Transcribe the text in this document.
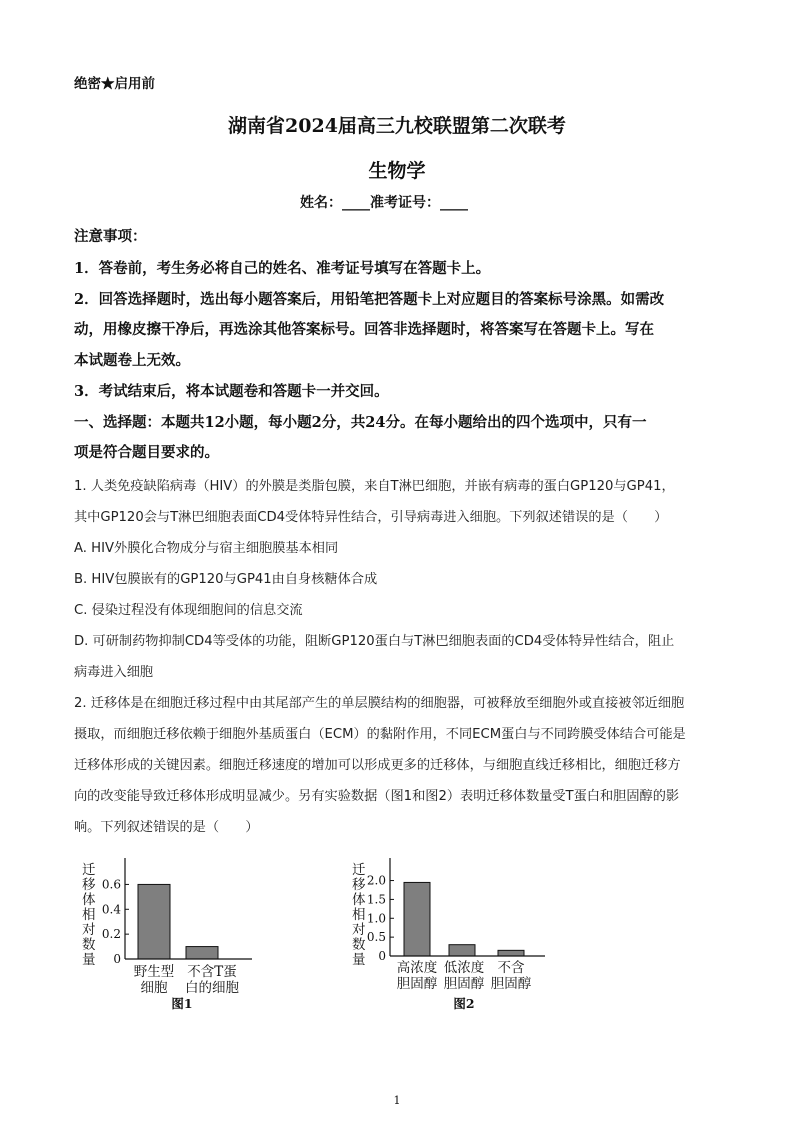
绝密★启用前
湖南省2024届高三九校联盟第二次联考
生物学
姓名：____准考证号：____
注意事项：
1．答卷前，考生务必将自己的姓名、准考证号填写在答题卡上。
2．回答选择题时，选出每小题答案后，用铅笔把答题卡上对应题目的答案标号涂黑。如需改
动，用橡皮擦干净后，再选涂其他答案标号。回答非选择题时，将答案写在答题卡上。写在
本试题卷上无效。
3．考试结束后，将本试题卷和答题卡一并交回。
一、选择题：本题共12小题，每小题2分，共24分。在每小题给出的四个选项中，只有一
项是符合题目要求的。
1. 人类免疫缺陷病毒（HIV）的外膜是类脂包膜，来自T淋巴细胞，并嵌有病毒的蛋白GP120与GP41，
其中GP120会与T淋巴细胞表面CD4受体特异性结合，引导病毒进入细胞。下列叙述错误的是（　　）
A. HIV外膜化合物成分与宿主细胞膜基本相同
B. HIV包膜嵌有的GP120与GP41由自身核糖体合成
C. 侵染过程没有体现细胞间的信息交流
D. 可研制药物抑制CD4等受体的功能，阻断GP120蛋白与T淋巴细胞表面的CD4受体特异性结合，阻止
病毒进入细胞
2. 迁移体是在细胞迁移过程中由其尾部产生的单层膜结构的细胞器，可被释放至细胞外或直接被邻近细胞
摄取，而细胞迁移依赖于细胞外基质蛋白（ECM）的黏附作用，不同ECM蛋白与不同跨膜受体结合可能是
迁移体形成的关键因素。细胞迁移速度的增加可以形成更多的迁移体，与细胞直线迁移相比，细胞迁移方
向的改变能导致迁移体形成明显减少。另有实验数据（图1和图2）表明迁移体数量受T蛋白和胆固醇的影
响。下列叙述错误的是（　　）
迁
移
体
相
对
数
量
0.6
0.4
0.2
0
野生型
细胞
不含T蛋
白的细胞
图1
迁
移
体
相
对
数
量
2.0
1.5
1.0
0.5
0
高浓度
胆固醇
低浓度
胆固醇
不含
胆固醇
图2
1
